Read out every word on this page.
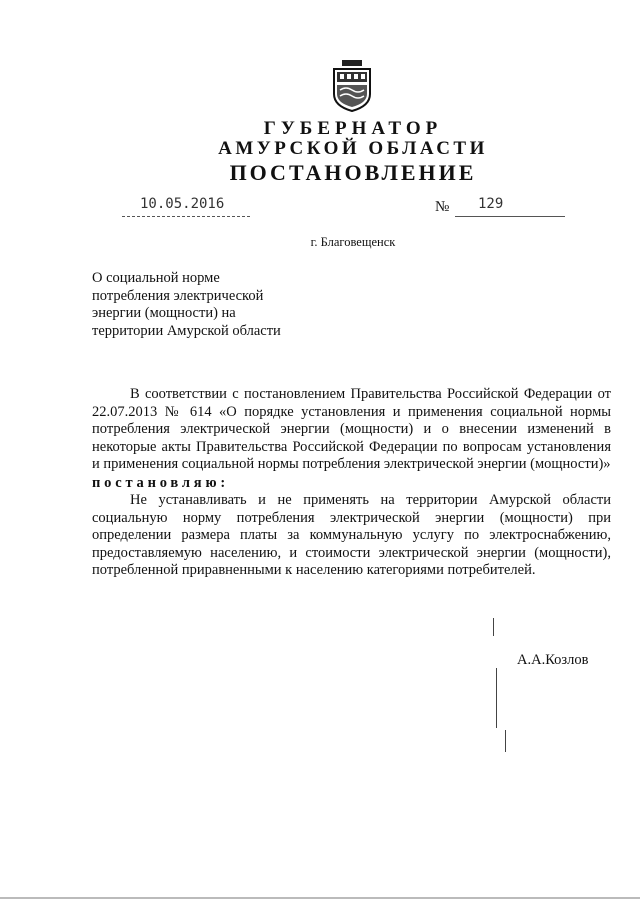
ГУБЕРНАТОР
АМУРСКОЙ ОБЛАСТИ
ПОСТАНОВЛЕНИЕ
10.05.2016	№ 129
г. Благовещенск
О социальной норме
потребления электрической
энергии (мощности) на
территории Амурской области

В соответствии с постановлением Правительства Российской Федерации от 22.07.2013 № 614 «О порядке установления и применения социальной нормы потребления электрической энергии (мощности) и о внесении изменений в некоторые акты Правительства Российской Федерации по вопросам установления и применения социальной нормы потребления электрической энергии (мощности)»

постановляю:

Не устанавливать и не применять на территории Амурской области социальную норму потребления электрической энергии (мощности) при определении размера платы за коммунальную услугу по электроснабжению, предоставляемую населению, и стоимости электрической энергии (мощности), потребленной приравненными к населению категориями потребителей.

А.А.Козлов
